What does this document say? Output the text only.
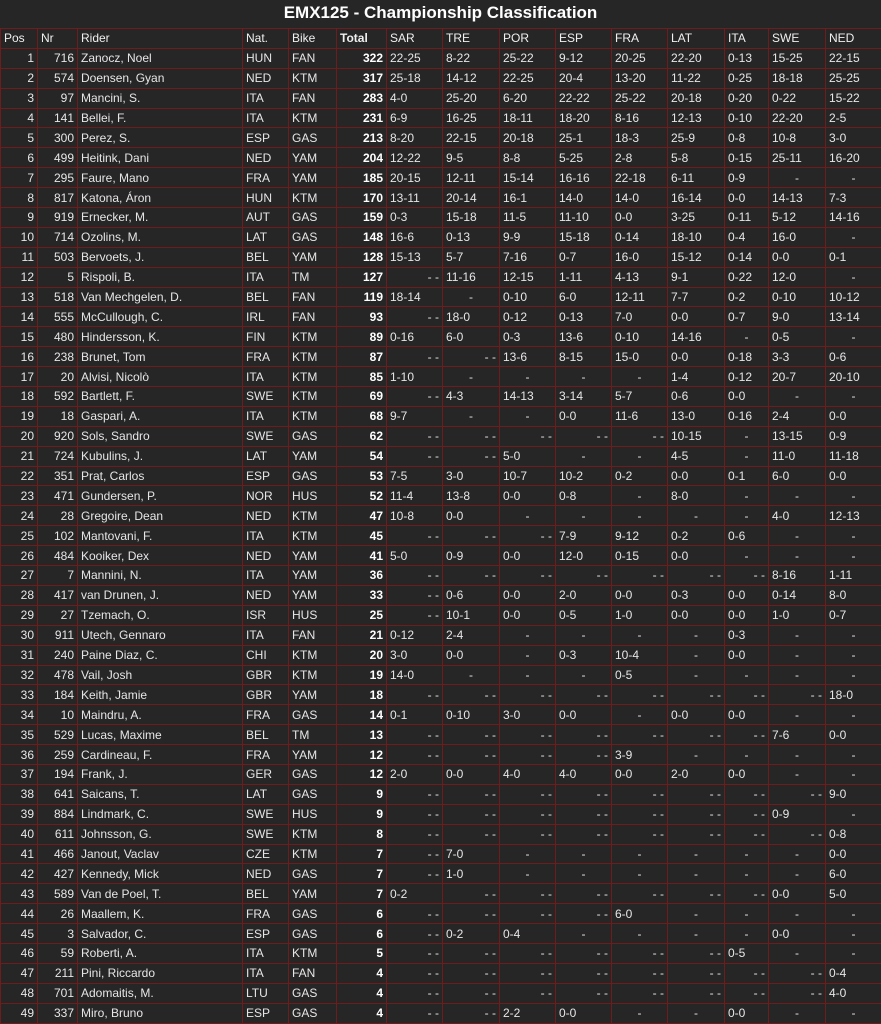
EMX125 - Championship Classification
Pos	Nr	Rider	Nat.	Bike	Total	SAR	TRE	POR	ESP	FRA	LAT	ITA	SWE	NED
1	716	Zanocz, Noel	HUN	FAN	322	22-25	8-22	25-22	9-12	20-25	22-20	0-13	15-25	22-15
2	574	Doensen, Gyan	NED	KTM	317	25-18	14-12	22-25	20-4	13-20	11-22	0-25	18-18	25-25
3	97	Mancini, S.	ITA	FAN	283	4-0	25-20	6-20	22-22	25-22	20-18	0-20	0-22	15-22
4	141	Bellei, F.	ITA	KTM	231	6-9	16-25	18-11	18-20	8-16	12-13	0-10	22-20	2-5
5	300	Perez, S.	ESP	GAS	213	8-20	22-15	20-18	25-1	18-3	25-9	0-8	10-8	3-0
6	499	Heitink, Dani	NED	YAM	204	12-22	9-5	8-8	5-25	2-8	5-8	0-15	25-11	16-20
7	295	Faure, Mano	FRA	YAM	185	20-15	12-11	15-14	16-16	22-18	6-11	0-9	-	-
8	817	Katona, Áron	HUN	KTM	170	13-11	20-14	16-1	14-0	14-0	16-14	0-0	14-13	7-3
9	919	Ernecker, M.	AUT	GAS	159	0-3	15-18	11-5	11-10	0-0	3-25	0-11	5-12	14-16
10	714	Ozolins, M.	LAT	GAS	148	16-6	0-13	9-9	15-18	0-14	18-10	0-4	16-0	-
11	503	Bervoets, J.	BEL	YAM	128	15-13	5-7	7-16	0-7	16-0	15-12	0-14	0-0	0-1
12	5	Rispoli, B.	ITA	TM	127	- -	11-16	12-15	1-11	4-13	9-1	0-22	12-0	-
13	518	Van Mechgelen, D.	BEL	FAN	119	18-14	-	0-10	6-0	12-11	7-7	0-2	0-10	10-12
14	555	McCullough, C.	IRL	FAN	93	- -	18-0	0-12	0-13	7-0	0-0	0-7	9-0	13-14
15	480	Hindersson, K.	FIN	KTM	89	0-16	6-0	0-3	13-6	0-10	14-16	-	0-5	-
16	238	Brunet, Tom	FRA	KTM	87	- -	- -	13-6	8-15	15-0	0-0	0-18	3-3	0-6
17	20	Alvisi, Nicolò	ITA	KTM	85	1-10	-	-	-	-	1-4	0-12	20-7	20-10
18	592	Bartlett, F.	SWE	KTM	69	- -	4-3	14-13	3-14	5-7	0-6	0-0	-	-
19	18	Gaspari, A.	ITA	KTM	68	9-7	-	-	0-0	11-6	13-0	0-16	2-4	0-0
20	920	Sols, Sandro	SWE	GAS	62	- -	- -	- -	- -	- -	10-15	-	13-15	0-9
21	724	Kubulins, J.	LAT	YAM	54	- -	- -	5-0	-	-	4-5	-	11-0	11-18
22	351	Prat, Carlos	ESP	GAS	53	7-5	3-0	10-7	10-2	0-2	0-0	0-1	6-0	0-0
23	471	Gundersen, P.	NOR	HUS	52	11-4	13-8	0-0	0-8	-	8-0	-	-	-
24	28	Gregoire, Dean	NED	KTM	47	10-8	0-0	-	-	-	-	-	4-0	12-13
25	102	Mantovani, F.	ITA	KTM	45	- -	- -	- -	7-9	9-12	0-2	0-6	-	-
26	484	Kooiker, Dex	NED	YAM	41	5-0	0-9	0-0	12-0	0-15	0-0	-	-	-
27	7	Mannini, N.	ITA	YAM	36	- -	- -	- -	- -	- -	- -	- -	8-16	1-11
28	417	van Drunen, J.	NED	YAM	33	- -	0-6	0-0	2-0	0-0	0-3	0-0	0-14	8-0
29	27	Tzemach, O.	ISR	HUS	25	- -	10-1	0-0	0-5	1-0	0-0	0-0	1-0	0-7
30	911	Utech, Gennaro	ITA	FAN	21	0-12	2-4	-	-	-	-	0-3	-	-
31	240	Paine Diaz, C.	CHI	KTM	20	3-0	0-0	-	0-3	10-4	-	0-0	-	-
32	478	Vail, Josh	GBR	KTM	19	14-0	-	-	-	0-5	-	-	-	-
33	184	Keith, Jamie	GBR	YAM	18	- -	- -	- -	- -	- -	- -	- -	- -	18-0
34	10	Maindru, A.	FRA	GAS	14	0-1	0-10	3-0	0-0	-	0-0	0-0	-	-
35	529	Lucas, Maxime	BEL	TM	13	- -	- -	- -	- -	- -	- -	- -	7-6	0-0
36	259	Cardineau, F.	FRA	YAM	12	- -	- -	- -	- -	3-9	-	-	-	-
37	194	Frank, J.	GER	GAS	12	2-0	0-0	4-0	4-0	0-0	2-0	0-0	-	-
38	641	Saicans, T.	LAT	GAS	9	- -	- -	- -	- -	- -	- -	- -	- -	9-0
39	884	Lindmark, C.	SWE	HUS	9	- -	- -	- -	- -	- -	- -	- -	0-9	-
40	611	Johnsson, G.	SWE	KTM	8	- -	- -	- -	- -	- -	- -	- -	- -	0-8
41	466	Janout, Vaclav	CZE	KTM	7	- -	7-0	-	-	-	-	-	-	0-0
42	427	Kennedy, Mick	NED	GAS	7	- -	1-0	-	-	-	-	-	-	6-0
43	589	Van de Poel, T.	BEL	YAM	7	0-2	- -	- -	- -	- -	- -	- -	0-0	5-0
44	26	Maallem, K.	FRA	GAS	6	- -	- -	- -	- -	6-0	-	-	-	-
45	3	Salvador, C.	ESP	GAS	6	- -	0-2	0-4	-	-	-	-	0-0	-
46	59	Roberti, A.	ITA	KTM	5	- -	- -	- -	- -	- -	- -	0-5	-	-
47	211	Pini, Riccardo	ITA	FAN	4	- -	- -	- -	- -	- -	- -	- -	- -	0-4
48	701	Adomaitis, M.	LTU	GAS	4	- -	- -	- -	- -	- -	- -	- -	- -	4-0
49	337	Miro, Bruno	ESP	GAS	4	- -	- -	2-2	0-0	-	-	0-0	-	-
